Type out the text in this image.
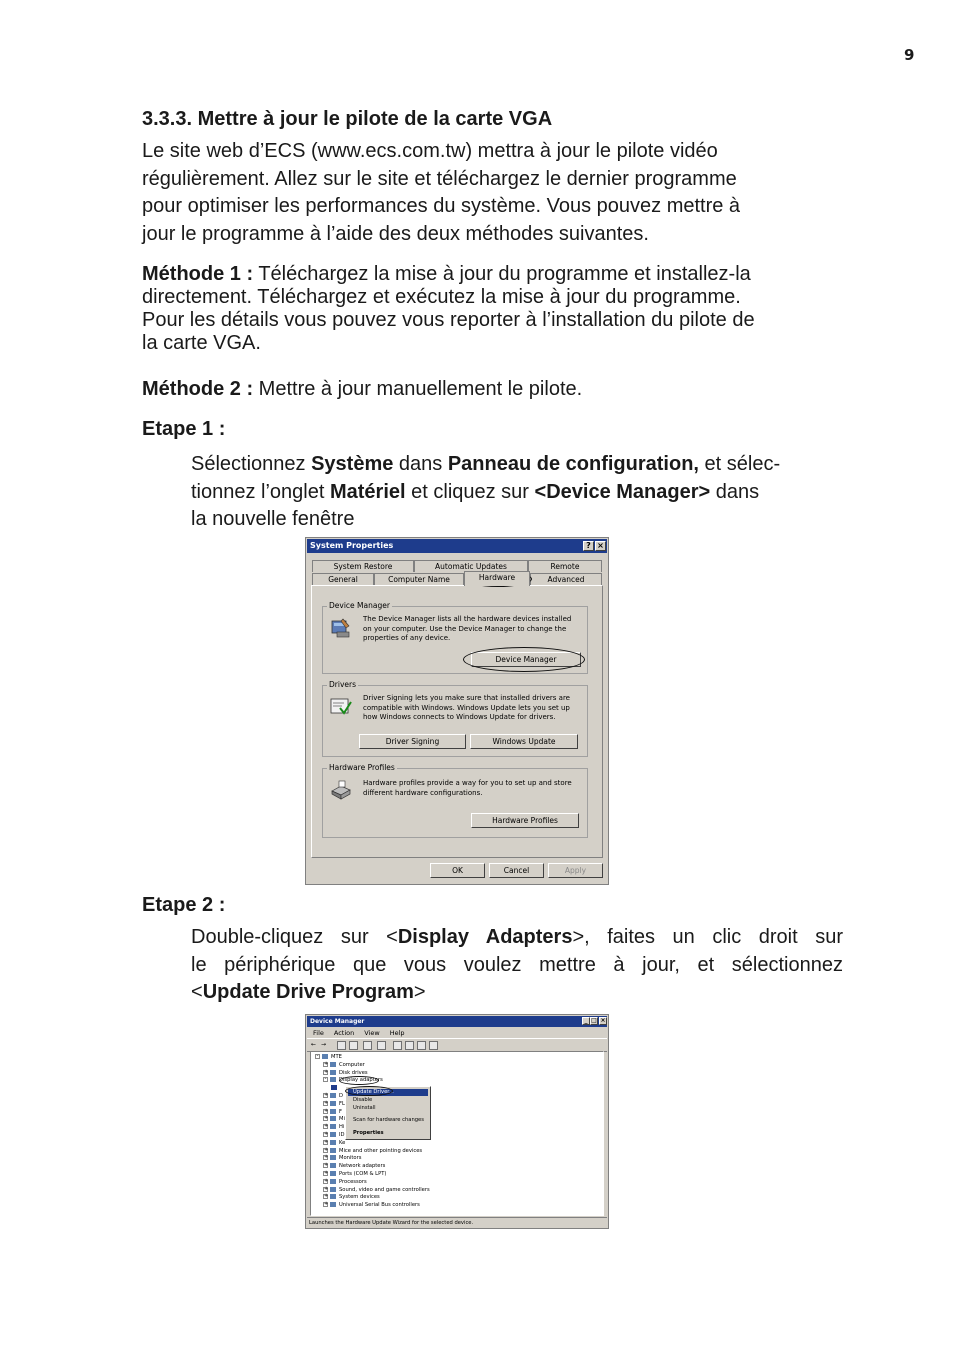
9
3.3.3. Mettre à jour le pilote de la carte VGA
Le site web d’ECS (www.ecs.com.tw) mettra à jour le pilote vidéo
régulièrement. Allez sur le site et téléchargez le dernier programme
pour optimiser les performances du système. Vous pouvez mettre à
jour le programme à l’aide des deux méthodes suivantes.
Méthode 1 : Téléchargez la mise à jour du programme et installez-la
directement. Téléchargez et exécutez la mise à jour du programme.
Pour les détails vous pouvez vous reporter à l’installation du pilote de
la carte VGA.
Méthode 2 : Mettre à jour manuellement le pilote.
Etape 1 :
Sélectionnez Système dans Panneau de configuration, et sélec-
tionnez l’onglet Matériel et cliquez sur <Device Manager> dans
la nouvelle fenêtre
System Properties	? ×
System Restore	Automatic Updates	Remote
General	Computer Name	Hardware	Advanced
Device Manager
The Device Manager lists all the hardware devices installed
on your computer. Use the Device Manager to change the
properties of any device.
Device Manager
Drivers
Driver Signing lets you make sure that installed drivers are
compatible with Windows. Windows Update lets you set up
how Windows connects to Windows Update for drivers.
Driver Signing	Windows Update
Hardware Profiles
Hardware profiles provide a way for you to set up and store
different hardware configurations.
Hardware Profiles
OK	Cancel	Apply
Etape 2 :
Double-cliquez sur <Display Adapters>, faites un clic droit sur
le périphérique que vous voulez mettre à jour, et sélectionnez
<Update Drive Program>
Device Manager	_ □ ×
File Action View Help
← →
- MTE
+ Computer
+ Disk drives
- Display adapters
+ D
+ FL
+ F
+ Mi
+ Hi
+ ID
+ Ke
+ Mice and other pointing devices
+ Monitors
+ Network adapters
+ Ports (COM & LPT)
+ Processors
+ Sound, video and game controllers
+ System devices
+ Universal Serial Bus controllers
Update Driver...
Disable
Uninstall
Scan for hardware changes
Properties
Launches the Hardware Update Wizard for the selected device.
